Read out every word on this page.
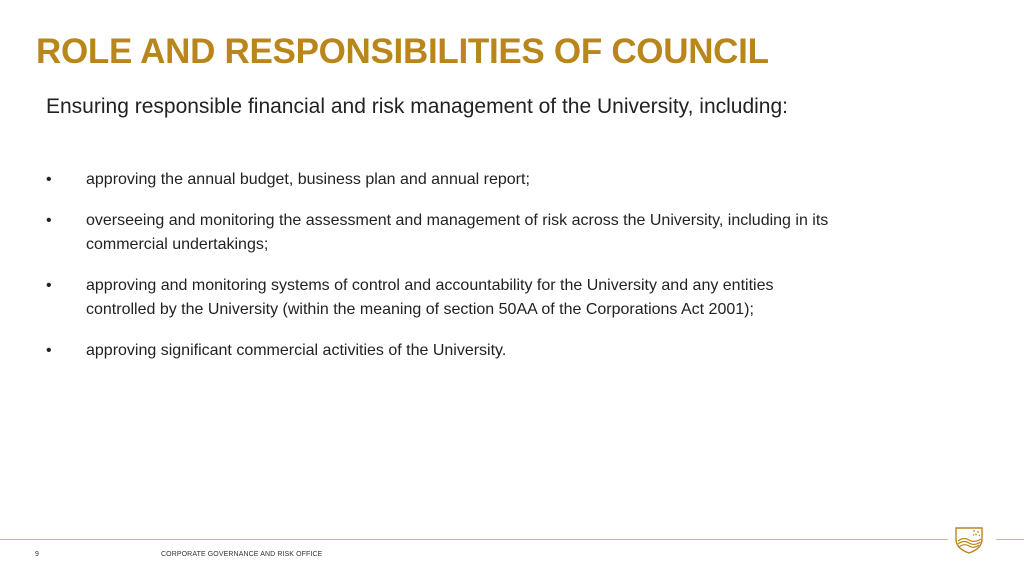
ROLE AND RESPONSIBILITIES OF COUNCIL

Ensuring responsible financial and risk management of the University, including:

• approving the annual budget, business plan and annual report;
• overseeing and monitoring the assessment and management of risk across the University, including in its commercial undertakings;
• approving and monitoring systems of control and accountability for the University and any entities controlled by the University (within the meaning of section 50AA of the Corporations Act 2001);
• approving significant commercial activities of the University.
9	CORPORATE GOVERNANCE AND RISK OFFICE
